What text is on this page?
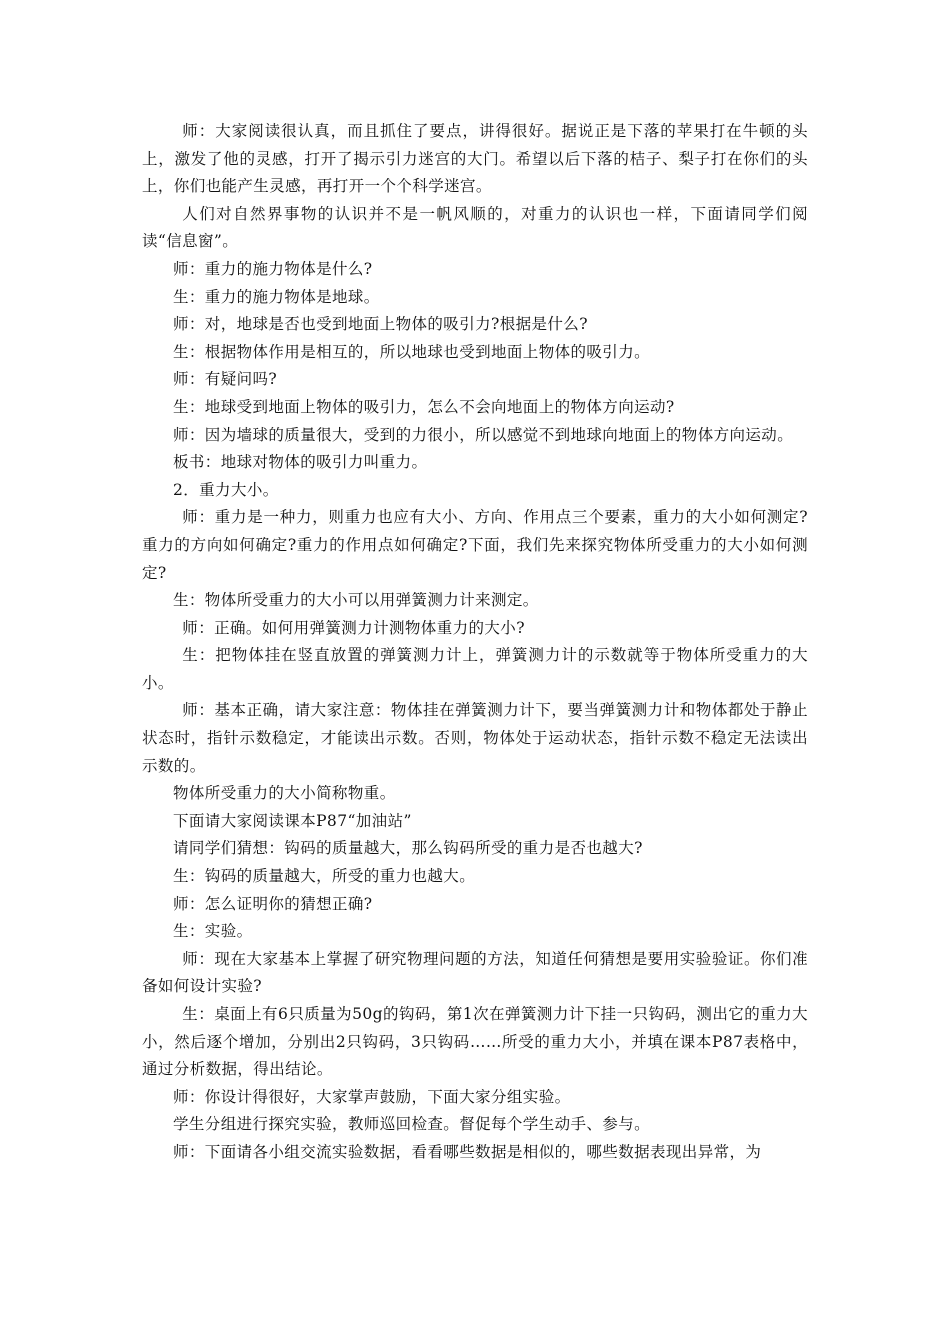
师：大家阅读很认真，而且抓住了要点，讲得很好。据说正是下落的苹果打在牛顿的头上，激发了他的灵感，打开了揭示引力迷宫的大门。希望以后下落的桔子、梨子打在你们的头上，你们也能产生灵感，再打开一个个科学迷宫。

人们对自然界事物的认识并不是一帆风顺的，对重力的认识也一样，下面请同学们阅读“信息窗”。

师：重力的施力物体是什么?

生：重力的施力物体是地球。

师：对，地球是否也受到地面上物体的吸引力?根据是什么?

生：根据物体作用是相互的，所以地球也受到地面上物体的吸引力。

师：有疑问吗?

生：地球受到地面上物体的吸引力，怎么不会向地面上的物体方向运动?

师：因为墙球的质量很大，受到的力很小，所以感觉不到地球向地面上的物体方向运动。

板书：地球对物体的吸引力叫重力。

2．重力大小。

师：重力是一种力，则重力也应有大小、方向、作用点三个要素，重力的大小如何测定?重力的方向如何确定?重力的作用点如何确定?下面，我们先来探究物体所受重力的大小如何测定?

生：物体所受重力的大小可以用弹簧测力计来测定。

师：正确。如何用弹簧测力计测物体重力的大小?

生：把物体挂在竖直放置的弹簧测力计上，弹簧测力计的示数就等于物体所受重力的大小。

师：基本正确，请大家注意：物体挂在弹簧测力计下，要当弹簧测力计和物体都处于静止状态时，指针示数稳定，才能读出示数。否则，物体处于运动状态，指针示数不稳定无法读出示数的。

物体所受重力的大小简称物重。

下面请大家阅读课本P87“加油站”

请同学们猜想：钩码的质量越大，那么钩码所受的重力是否也越大?

生：钩码的质量越大，所受的重力也越大。

师：怎么证明你的猜想正确?

生：实验。

师：现在大家基本上掌握了研究物理问题的方法，知道任何猜想是要用实验验证。你们准备如何设计实验?

生：桌面上有6只质量为50g的钩码，第1次在弹簧测力计下挂一只钩码，测出它的重力大小，然后逐个增加，分别出2只钩码，3只钩码……所受的重力大小，并填在课本P87表格中，通过分析数据，得出结论。

师：你设计得很好，大家掌声鼓励，下面大家分组实验。

学生分组进行探究实验，教师巡回检查。督促每个学生动手、参与。

师：下面请各小组交流实验数据，看看哪些数据是相似的，哪些数据表现出异常，为
